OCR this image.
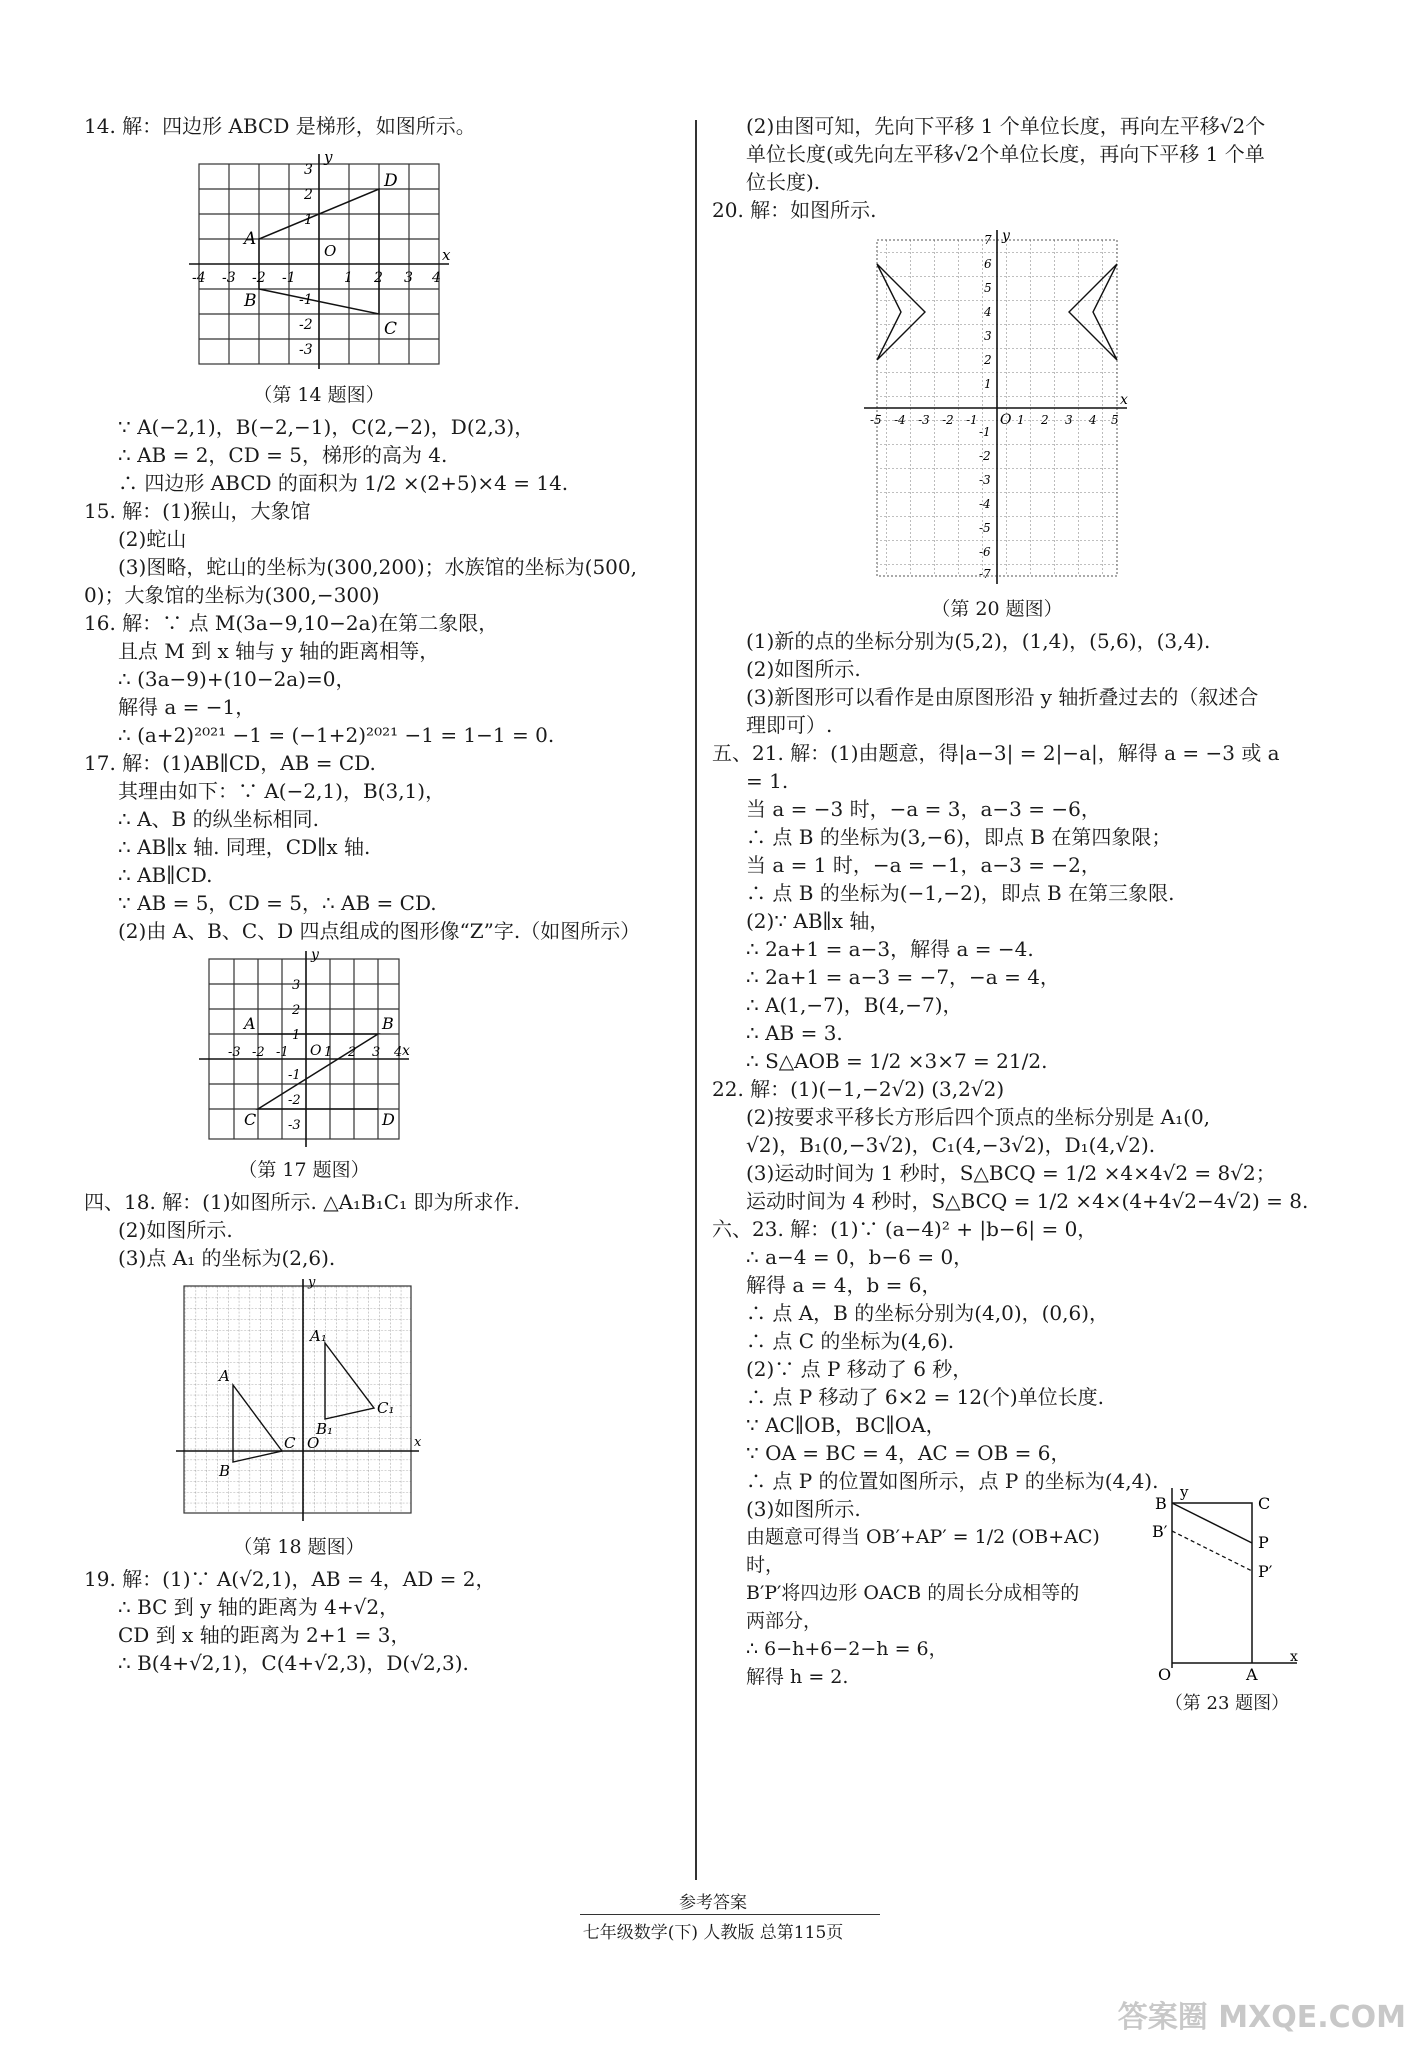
14. 解：四边形 ABCD 是梯形，如图所示。
A
B
C
D
y
x
O
-4 -3 -2 -1	1 2 3 4
3
2
1
-1
-2
-3
（第 14 题图）
∵ A(−2,1)，B(−2,−1)，C(2,−2)，D(2,3)，
∴ AB = 2，CD = 5，梯形的高为 4.
∴ 四边形 ABCD 的面积为 1/2 ×(2+5)×4 = 14.
15. 解：(1)猴山，大象馆
(2)蛇山
(3)图略，蛇山的坐标为(300,200)；水族馆的坐标为(500,
0)；大象馆的坐标为(300,−300)
16. 解：∵ 点 M(3a−9,10−2a)在第二象限，
且点 M 到 x 轴与 y 轴的距离相等，
∴ (3a−9)+(10−2a)=0，
解得 a = −1，
∴ (a+2)²⁰²¹ −1 = (−1+2)²⁰²¹ −1 = 1−1 = 0.
17. 解：(1)AB∥CD，AB = CD.
其理由如下：∵ A(−2,1)，B(3,1)，
∴ A、B 的纵坐标相同.
∴ AB∥x 轴. 同理，CD∥x 轴.
∴ AB∥CD.
∵ AB = 5，CD = 5，∴ AB = CD.
(2)由 A、B、C、D 四点组成的图形像“Z”字.（如图所示）
A	B
C	D
y
x
O
-3 -2 -1	1 2 3 4
3
2
1
-1
-2
-3
（第 17 题图）
四、18. 解：(1)如图所示. △A₁B₁C₁ 即为所求作.
(2)如图所示.
(3)点 A₁ 的坐标为(2,6).
A
B
C O
A₁
B₁
C₁
x
y
（第 18 题图）
19. 解：(1)∵ A(√2,1)，AB = 4，AD = 2，
∴ BC 到 y 轴的距离为 4+√2，
CD 到 x 轴的距离为 2+1 = 3，
∴ B(4+√2,1)，C(4+√2,3)，D(√2,3).
(2)由图可知，先向下平移 1 个单位长度，再向左平移√2个
单位长度(或先向左平移√2个单位长度，再向下平移 1 个单
位长度).
20. 解：如图所示.
y
x
O
-5 -4 -3 -2 -1	1 2 3 4 5
7
6
5
4
3
2
1
-1
-2
-3
-4
-5
-6
-7
（第 20 题图）
(1)新的点的坐标分别为(5,2)，(1,4)，(5,6)，(3,4).
(2)如图所示.
(3)新图形可以看作是由原图形沿 y 轴折叠过去的（叙述合
理即可）.
五、21. 解：(1)由题意，得|a−3| = 2|−a|，解得 a = −3 或 a
= 1.
当 a = −3 时，−a = 3，a−3 = −6，
∴ 点 B 的坐标为(3,−6)，即点 B 在第四象限；
当 a = 1 时，−a = −1，a−3 = −2，
∴ 点 B 的坐标为(−1,−2)，即点 B 在第三象限.
(2)∵ AB∥x 轴，
∴ 2a+1 = a−3，解得 a = −4.
∴ 2a+1 = a−3 = −7，−a = 4，
∴ A(1,−7)，B(4,−7)，
∴ AB = 3.
∴ S△AOB = 1/2 ×3×7 = 21/2.
22. 解：(1)(−1,−2√2) (3,2√2)
(2)按要求平移长方形后四个顶点的坐标分别是 A₁(0,
√2)，B₁(0,−3√2)，C₁(4,−3√2)，D₁(4,√2).
(3)运动时间为 1 秒时，S△BCQ = 1/2 ×4×4√2 = 8√2；
运动时间为 4 秒时，S△BCQ = 1/2 ×4×(4+4√2−4√2) = 8.
六、23. 解：(1)∵ (a−4)² + |b−6| = 0，
∴ a−4 = 0，b−6 = 0，
解得 a = 4，b = 6，
∴ 点 A，B 的坐标分别为(4,0)，(0,6)，
∴ 点 C 的坐标为(4,6).
(2)∵ 点 P 移动了 6 秒，
∴ 点 P 移动了 6×2 = 12(个)单位长度.
∵ AC∥OB，BC∥OA，
∵ OA = BC = 4，AC = OB = 6，
∴ 点 P 的位置如图所示，点 P 的坐标为(4,4).
(3)如图所示.
由题意可得当 OB′+AP′ = 1/2 (OB+AC)
时，
B′P′将四边形 OACB 的周长分成相等的
两部分，
∴ 6−h+6−2−h = 6，
解得 h = 2.
y
B	C
B′
P
P′
O	A
x
（第 23 题图）
参考答案
七年级数学(下) 人教版 总第115页
答案圈 MXQE.COM
